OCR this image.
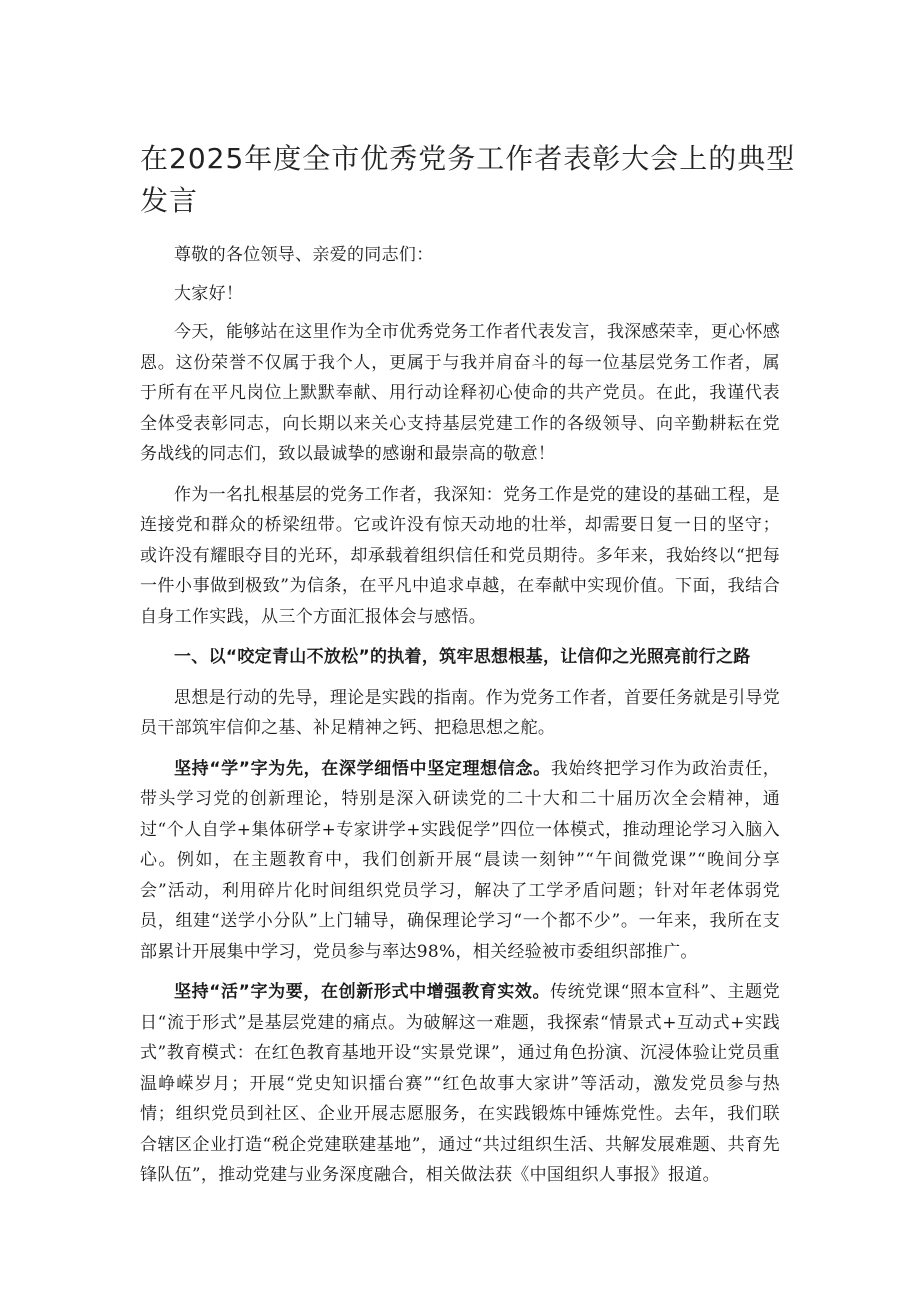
在2025年度全市优秀党务工作者表彰大会上的典型发言

尊敬的各位领导、亲爱的同志们：

大家好！

今天，能够站在这里作为全市优秀党务工作者代表发言，我深感荣幸，更心怀感恩。这份荣誉不仅属于我个人，更属于与我并肩奋斗的每一位基层党务工作者，属于所有在平凡岗位上默默奉献、用行动诠释初心使命的共产党员。在此，我谨代表全体受表彰同志，向长期以来关心支持基层党建工作的各级领导、向辛勤耕耘在党务战线的同志们，致以最诚挚的感谢和最崇高的敬意！

作为一名扎根基层的党务工作者，我深知：党务工作是党的建设的基础工程，是连接党和群众的桥梁纽带。它或许没有惊天动地的壮举，却需要日复一日的坚守；或许没有耀眼夺目的光环，却承载着组织信任和党员期待。多年来，我始终以“把每一件小事做到极致”为信条，在平凡中追求卓越，在奉献中实现价值。下面，我结合自身工作实践，从三个方面汇报体会与感悟。

一、以“咬定青山不放松”的执着，筑牢思想根基，让信仰之光照亮前行之路

思想是行动的先导，理论是实践的指南。作为党务工作者，首要任务就是引导党员干部筑牢信仰之基、补足精神之钙、把稳思想之舵。

坚持“学”字为先，在深学细悟中坚定理想信念。我始终把学习作为政治责任，带头学习党的创新理论，特别是深入研读党的二十大和二十届历次全会精神，通过“个人自学+集体研学+专家讲学+实践促学”四位一体模式，推动理论学习入脑入心。例如，在主题教育中，我们创新开展“晨读一刻钟”“午间微党课”“晚间分享会”活动，利用碎片化时间组织党员学习，解决了工学矛盾问题；针对年老体弱党员，组建“送学小分队”上门辅导，确保理论学习“一个都不少”。一年来，我所在支部累计开展集中学习，党员参与率达98%，相关经验被市委组织部推广。

坚持“活”字为要，在创新形式中增强教育实效。传统党课“照本宣科”、主题党日“流于形式”是基层党建的痛点。为破解这一难题，我探索“情景式+互动式+实践式”教育模式：在红色教育基地开设“实景党课”，通过角色扮演、沉浸体验让党员重温峥嵘岁月；开展“党史知识擂台赛”“红色故事大家讲”等活动，激发党员参与热情；组织党员到社区、企业开展志愿服务，在实践锻炼中锤炼党性。去年，我们联合辖区企业打造“税企党建联建基地”，通过“共过组织生活、共解发展难题、共育先锋队伍”，推动党建与业务深度融合，相关做法获《中国组织人事报》报道。
